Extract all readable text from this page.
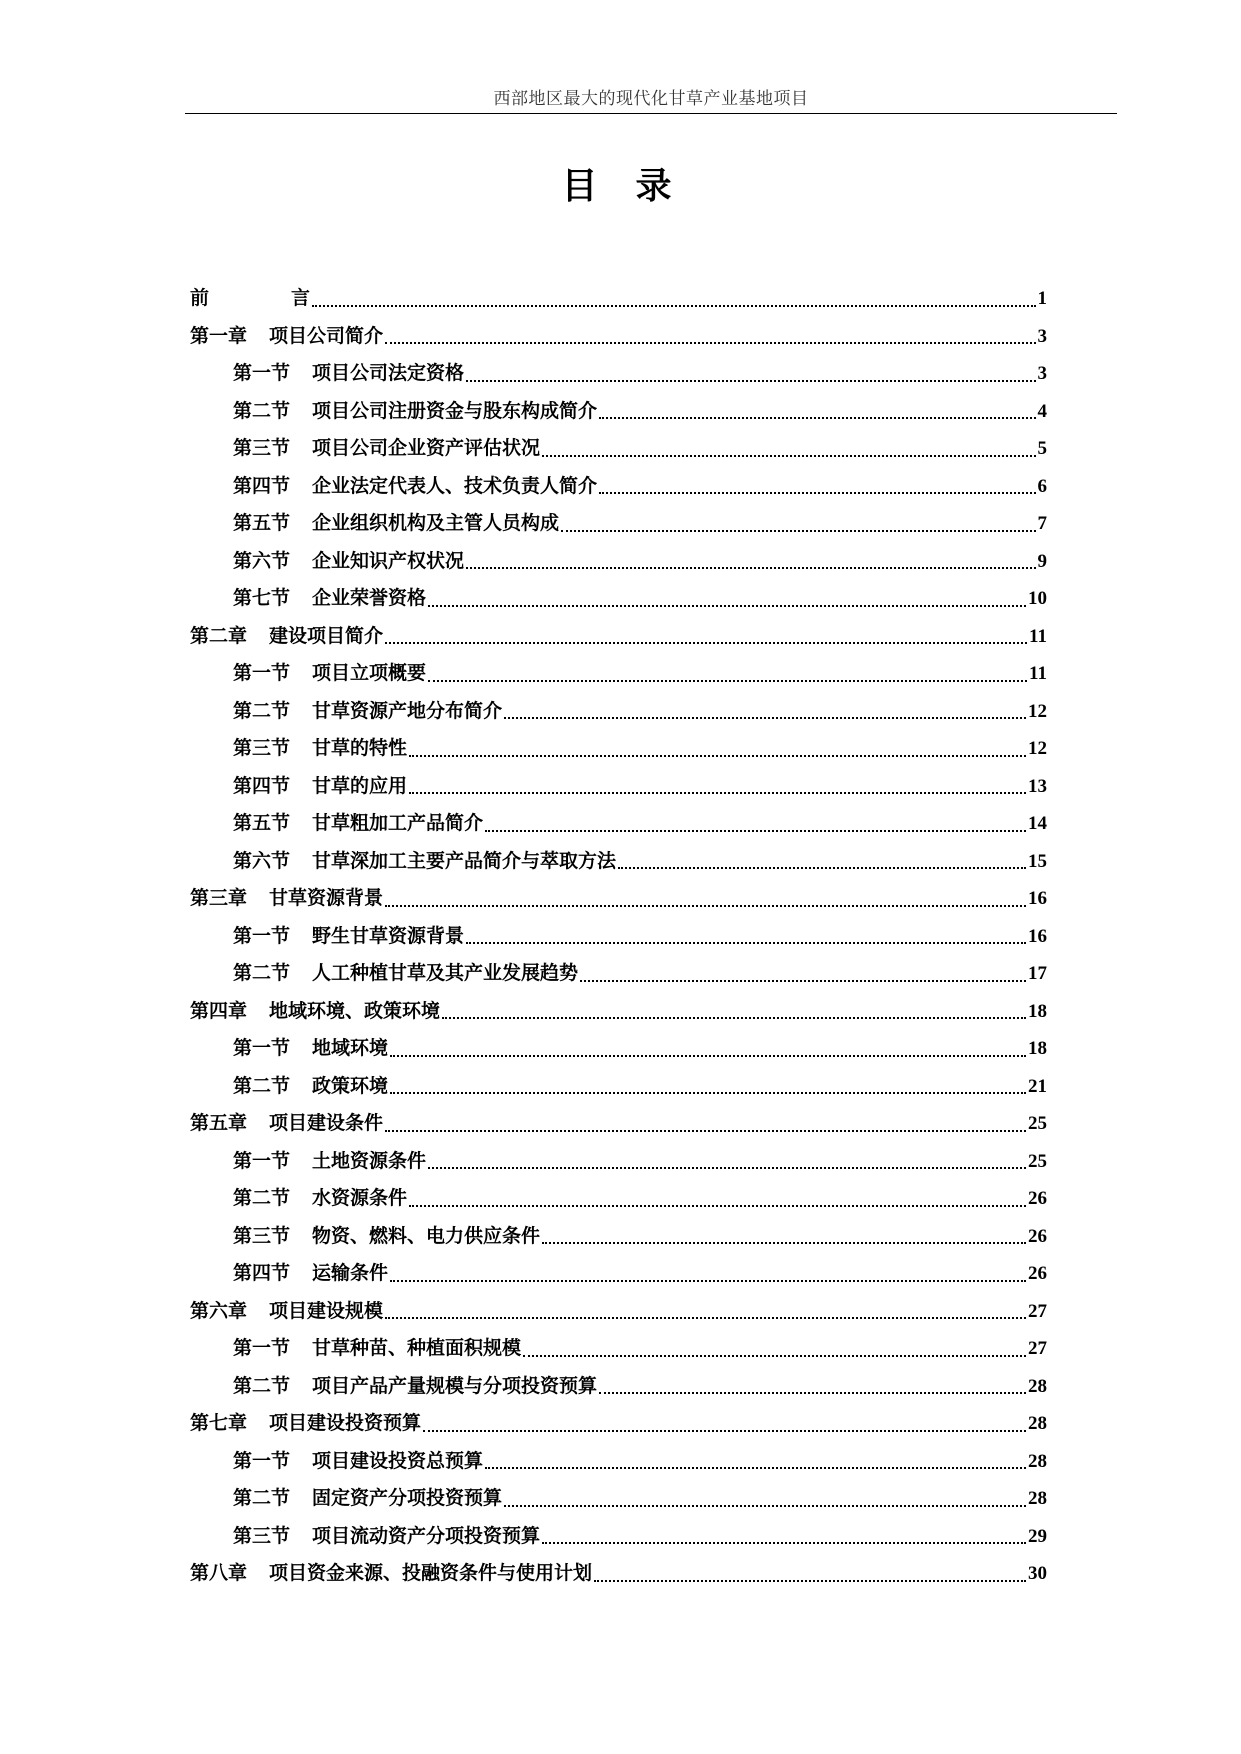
西部地区最大的现代化甘草产业基地项目
目 录
前	言	1
第一章 项目公司简介	3
第一节 项目公司法定资格	3
第二节 项目公司注册资金与股东构成简介	4
第三节 项目公司企业资产评估状况	5
第四节 企业法定代表人、技术负责人简介	6
第五节 企业组织机构及主管人员构成	7
第六节 企业知识产权状况	9
第七节 企业荣誉资格	10
第二章 建设项目简介	11
第一节 项目立项概要	11
第二节 甘草资源产地分布简介	12
第三节 甘草的特性	12
第四节 甘草的应用	13
第五节 甘草粗加工产品简介	14
第六节 甘草深加工主要产品简介与萃取方法	15
第三章 甘草资源背景	16
第一节 野生甘草资源背景	16
第二节 人工种植甘草及其产业发展趋势	17
第四章 地域环境、政策环境	18
第一节 地域环境	18
第二节 政策环境	21
第五章 项目建设条件	25
第一节 土地资源条件	25
第二节 水资源条件	26
第三节 物资、燃料、电力供应条件	26
第四节 运输条件	26
第六章 项目建设规模	27
第一节 甘草种苗、种植面积规模	27
第二节 项目产品产量规模与分项投资预算	28
第七章 项目建设投资预算	28
第一节 项目建设投资总预算	28
第二节 固定资产分项投资预算	28
第三节 项目流动资产分项投资预算	29
第八章 项目资金来源、投融资条件与使用计划	30
